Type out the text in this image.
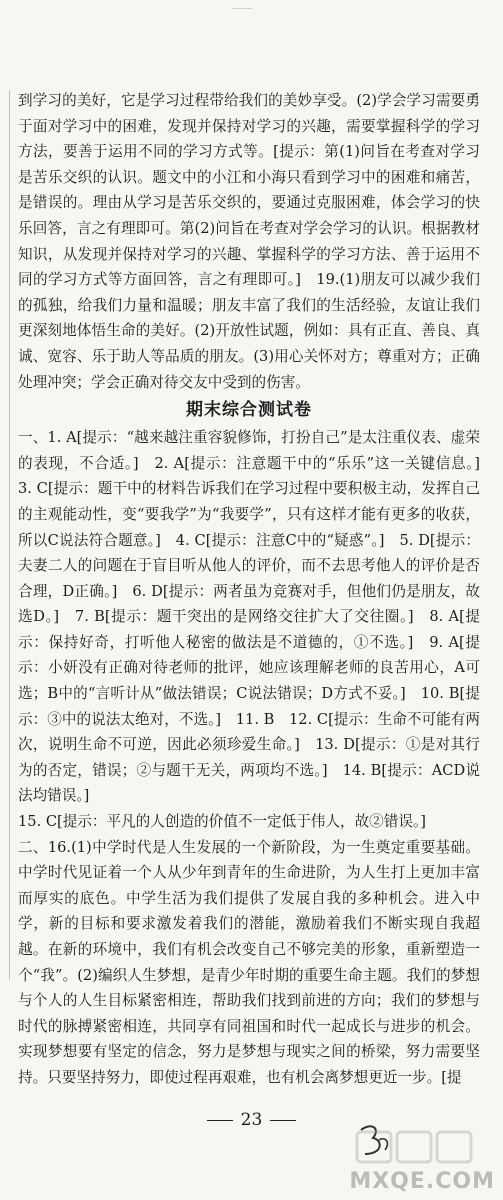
到学习的美好，它是学习过程带给我们的美妙享受。(2)学会学习需要勇于面对学习中的困难，发现并保持对学习的兴趣，需要掌握科学的学习方法，要善于运用不同的学习方式等。[提示：第(1)问旨在考查对学习是苦乐交织的认识。题文中的小江和小海只看到学习中的困难和痛苦，是错误的。理由从学习是苦乐交织的，要通过克服困难，体会学习的快乐回答，言之有理即可。第(2)问旨在考查对学会学习的认识。根据教材知识，从发现并保持对学习的兴趣、掌握科学的学习方法、善于运用不同的学习方式等方面回答，言之有理即可。]　19.(1)朋友可以减少我们的孤独，给我们力量和温暖；朋友丰富了我们的生活经验，友谊让我们更深刻地体悟生命的美好。(2)开放性试题，例如：具有正直、善良、真诚、宽容、乐于助人等品质的朋友。(3)用心关怀对方；尊重对方；正确处理冲突；学会正确对待交友中受到的伤害。

期末综合测试卷

一、1. A[提示：“越来越注重容貌修饰，打扮自己”是太注重仪表、虚荣的表现，不合适。]　2. A[提示：注意题干中的“乐乐”这一关键信息。]　3. C[提示：题干中的材料告诉我们在学习过程中要积极主动，发挥自己的主观能动性，变“要我学”为“我要学”，只有这样才能有更多的收获，所以C说法符合题意。]　4. C[提示：注意C中的“疑惑”。]　5. D[提示：夫妻二人的问题在于盲目听从他人的评价，而不去思考他人的评价是否合理，D正确。]　6. D[提示：两者虽为竞赛对手，但他们仍是朋友，故选D。]　7. B[提示：题干突出的是网络交往扩大了交往圈。]　8. A[提示：保持好奇，打听他人秘密的做法是不道德的，①不选。]　9. A[提示：小妍没有正确对待老师的批评，她应该理解老师的良苦用心，A可选；B中的“言听计从”做法错误；C说法错误；D方式不妥。]　10. B[提示：③中的说法太绝对，不选。]　11. B　12. C[提示：生命不可能有两次，说明生命不可逆，因此必须珍爱生命。]　13. D[提示：①是对其行为的否定，错误；②与题干无关，两项均不选。]　14. B[提示：ACD说法均错误。]

15. C[提示：平凡的人创造的价值不一定低于伟人，故②错误。]

二、16.(1)中学时代是人生发展的一个新阶段，为一生奠定重要基础。中学时代见证着一个人从少年到青年的生命进阶，为人生打上更加丰富而厚实的底色。中学生活为我们提供了发展自我的多种机会。进入中学，新的目标和要求激发着我们的潜能，激励着我们不断实现自我超越。在新的环境中，我们有机会改变自己不够完美的形象，重新塑造一个“我”。(2)编织人生梦想，是青少年时期的重要生命主题。我们的梦想与个人的人生目标紧密相连，帮助我们找到前进的方向；我们的梦想与时代的脉搏紧密相连，共同享有同祖国和时代一起成长与进步的机会。实现梦想要有坚定的信念，努力是梦想与现实之间的桥梁，努力需要坚持。只要坚持努力，即使过程再艰难，也有机会离梦想更近一步。[提

23
MXQE.COM
